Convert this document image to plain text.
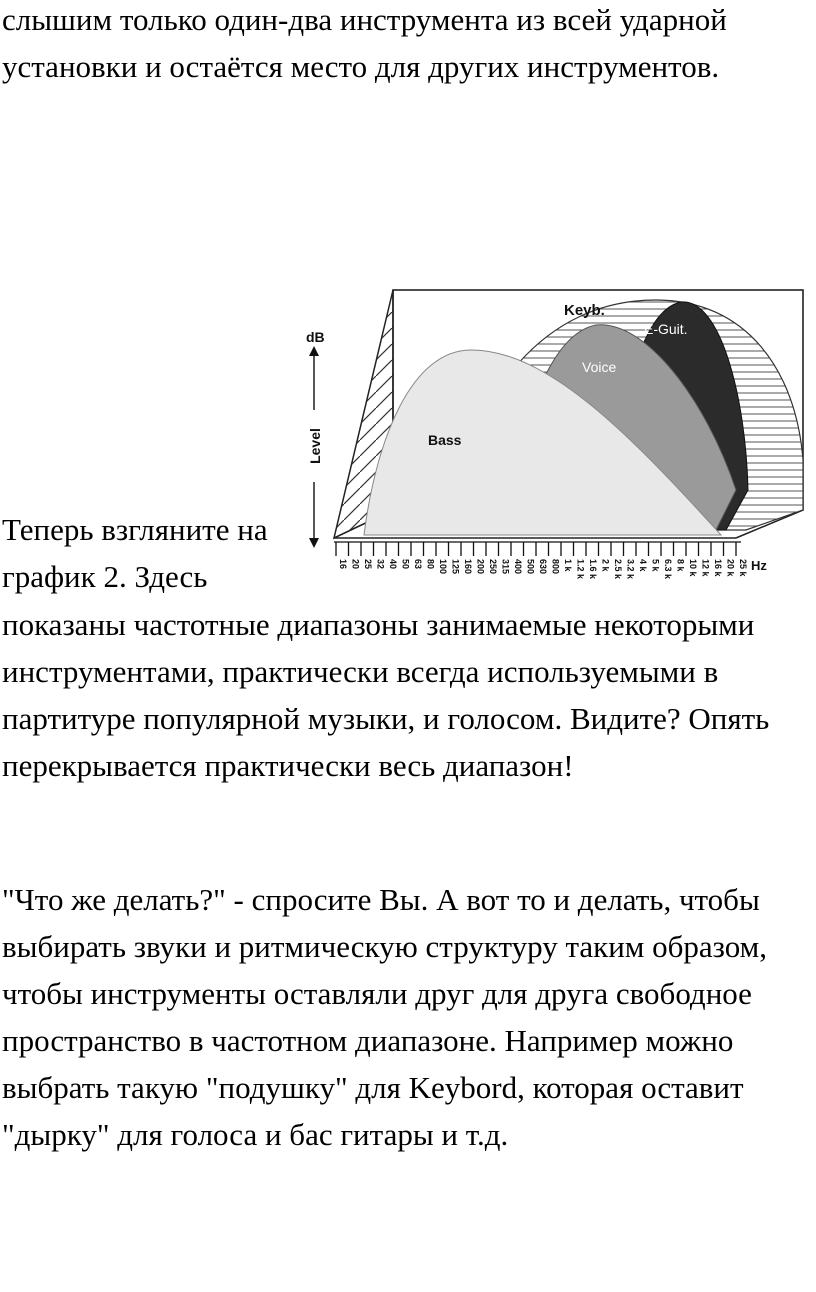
слышим только один-два инструмента из всей ударной установки и остаётся место для других инструментов.

Теперь взгляните на график 2. Здесь

показаны частотные диапазоны занимаемые некоторыми инструментами, практически всегда используемыми в партитуре популярной музыки, и голосом. Видите? Опять перекрывается практически весь диапазон!

"Что же делать?" - спросите Вы. А вот то и делать, чтобы выбирать звуки и ритмическую структуру таким образом, чтобы инструменты оставляли друг для друга свободное пространство в частотном диапазоне. Например можно выбрать такую "подушку" для Keybord, которая оставит "дырку" для голоса и бас гитары и т.д.

Keyb.
E-Guit.
Voice
Bass
dB
Level
Hz
16 20 25 32 40 50 63 80 100 125 160 200 250 315 400 500 630 800 1 k 1.2 k 1.6 k 2 k 2.5 k 3.2 k 4 k 5 k 6.3 k 8 k 10 k 12 k 16 k 20 k 25 k
